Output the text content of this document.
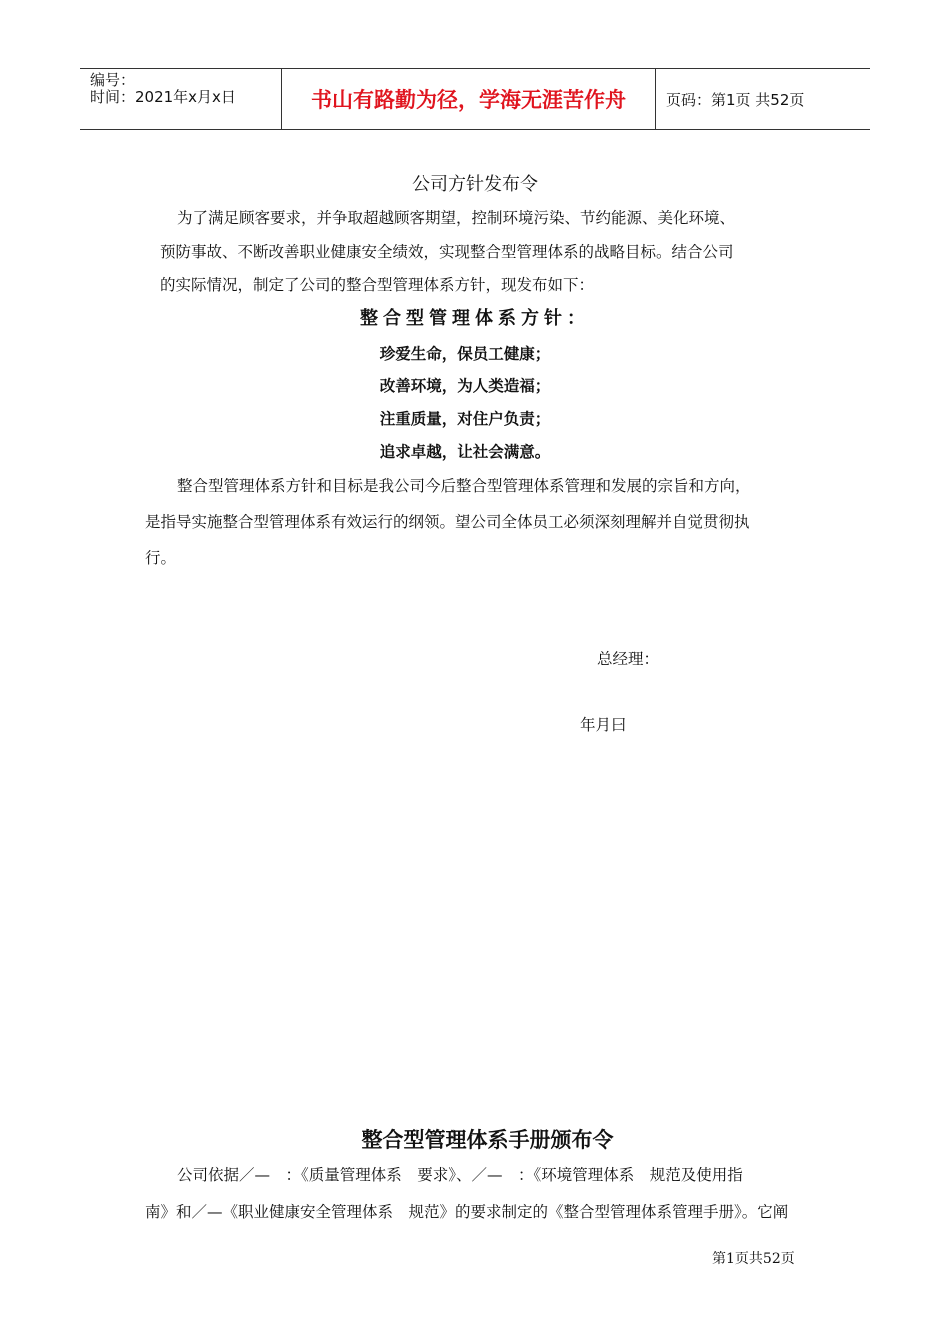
编号：
时间：2021年x月x日	书山有路勤为径，学海无涯苦作舟	页码：第1页 共52页
公司方针发布令
为了满足顾客要求，并争取超越顾客期望，控制环境污染、节约能源、美化环境、
预防事故、不断改善职业健康安全绩效，实现整合型管理体系的战略目标。结合公司
的实际情况，制定了公司的整合型管理体系方针，现发布如下：
整合型管理体系方针：
珍爱生命，保员工健康；
改善环境，为人类造福；
注重质量，对住户负责；
追求卓越，让社会满意。
整合型管理体系方针和目标是我公司今后整合型管理体系管理和发展的宗旨和方向，
是指导实施整合型管理体系有效运行的纲领。望公司全体员工必须深刻理解并自觉贯彻执
行。
总经理：
年月曰
整合型管理体系手册颁布令
公司依据／—　：《质量管理体系　要求》、／—　：《环境管理体系　规范及使用指
南》和／—《职业健康安全管理体系　规范》的要求制定的《整合型管理体系管理手册》。它阐
第1页共52页
